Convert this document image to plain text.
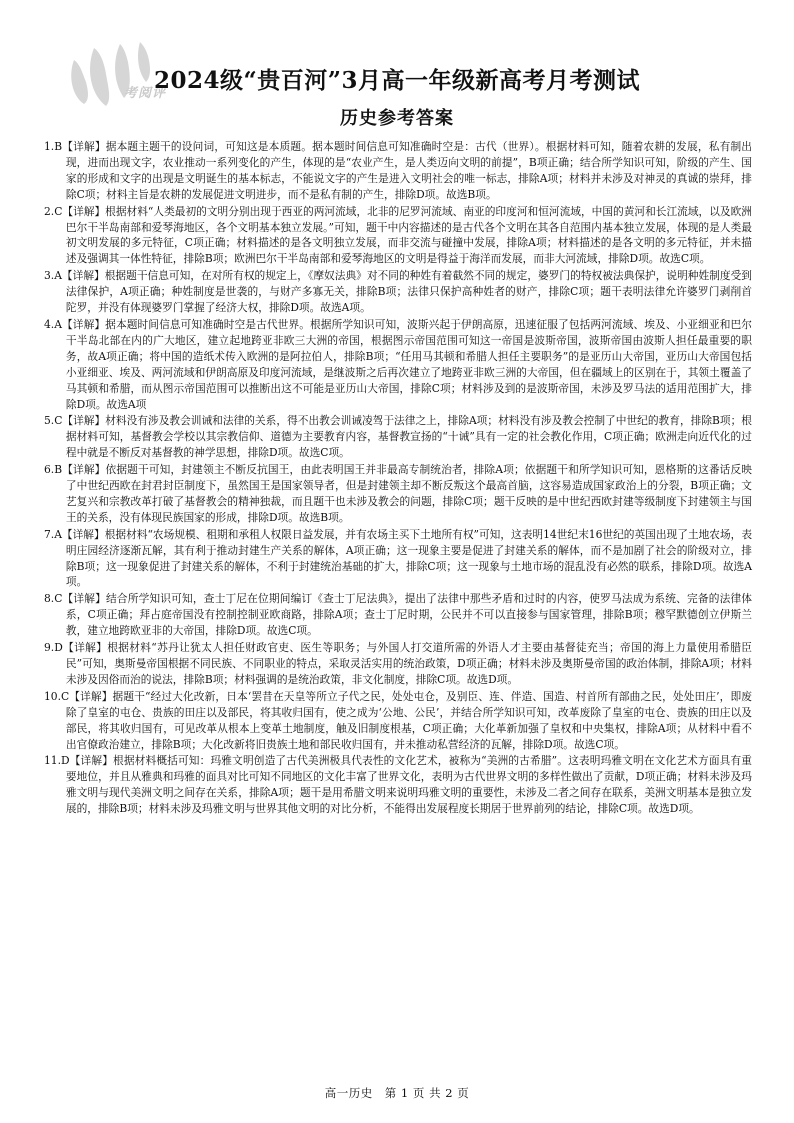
考阅评
2024级“贵百河”3月高一年级新高考月考测试
历史参考答案

1.B【详解】据本题主题干的设问词，可知这是本质题。据本题时间信息可知准确时空是：古代（世界）。根据材料可知，随着农耕的发展，私有制出现，进而出现文字，农业推动一系列变化的产生，体现的是“农业产生，是人类迈向文明的前提”，B项正确；结合所学知识可知，阶级的产生、国家的形成和文字的出现是文明诞生的基本标志，不能说文字的产生是进入文明社会的唯一标志，排除A项；材料并未涉及对神灵的真诚的崇拜，排除C项；材料主旨是农耕的发展促进文明进步，而不是私有制的产生，排除D项。故选B项。

2.C【详解】根据材料“人类最初的文明分别出现于西亚的两河流域，北非的尼罗河流域、南亚的印度河和恒河流域，中国的黄河和长江流域，以及欧洲巴尔干半岛南部和爱琴海地区，各个文明基本独立发展。”可知，题干中内容描述的是古代各个文明在其各自范围内基本独立发展，体现的是人类最初文明发展的多元特征，C项正确；材料描述的是各文明独立发展，而非交流与碰撞中发展，排除A项；材料描述的是各文明的多元特征，并未描述及强调其一体性特征，排除B项；欧洲巴尔干半岛南部和爱琴海地区的文明是得益于海洋而发展，而非大河流域，排除D项。故选C项。

3.A【详解】根据题干信息可知，在对所有权的规定上，《摩奴法典》对不同的种姓有着截然不同的规定，婆罗门的特权被法典保护，说明种姓制度受到法律保护，A项正确；种姓制度是世袭的，与财产多寡无关，排除B项；法律只保护高种姓者的财产，排除C项；题干表明法律允许婆罗门剥削首陀罗，并没有体现婆罗门掌握了经济大权，排除D项。故选A项。

4.A【详解】据本题时间信息可知准确时空是古代世界。根据所学知识可知，波斯兴起于伊朗高原，迅速征服了包括两河流域、埃及、小亚细亚和巴尔干半岛北部在内的广大地区，建立起地跨亚非欧三大洲的帝国，根据图示帝国范围可知这一帝国是波斯帝国，波斯帝国由波斯人担任最重要的职务，故A项正确；将中国的造纸术传入欧洲的是阿拉伯人，排除B项；“任用马其顿和希腊人担任主要职务”的是亚历山大帝国，亚历山大帝国包括小亚细亚、埃及、两河流域和伊朗高原及印度河流域，是继波斯之后再次建立了地跨亚非欧三洲的大帝国，但在疆域上的区别在于，其领土覆盖了马其顿和希腊，而从图示帝国范围可以推断出这不可能是亚历山大帝国，排除C项；材料涉及到的是波斯帝国，未涉及罗马法的适用范围扩大，排除D项。故选A项

5.C【详解】材料没有涉及教会训诫和法律的关系，得不出教会训诫凌驾于法律之上，排除A项；材料没有涉及教会控制了中世纪的教育，排除B项；根据材料可知，基督教会学校以其宗教信仰、道德为主要教育内容，基督教宣扬的“十诫”具有一定的社会教化作用，C项正确；欧洲走向近代化的过程中就是不断反对基督教的神学思想，排除D项。故选C项。

6.B【详解】依据题干可知，封建领主不断反抗国王，由此表明国王并非最高专制统治者，排除A项；依据题干和所学知识可知，恩格斯的这番话反映了中世纪西欧在封君封臣制度下，虽然国王是国家领导者，但是封建领主却不断反叛这个最高首脑，这容易造成国家政治上的分裂，B项正确；文艺复兴和宗教改革打破了基督教会的精神独裁，而且题干也未涉及教会的问题，排除C项；题干反映的是中世纪西欧封建等级制度下封建领主与国王的关系，没有体现民族国家的形成，排除D项。故选B项。

7.A【详解】根据材料“农场规模、租期和承租人权限日益发展，并有农场主买下土地所有权”可知，这表明14世纪末16世纪的英国出现了土地农场，表明庄园经济逐渐瓦解，其有利于推动封建生产关系的解体，A项正确；这一现象主要是促进了封建关系的解体，而不是加剧了社会的阶级对立，排除B项；这一现象促进了封建关系的解体，不利于封建统治基础的扩大，排除C项；这一现象与土地市场的混乱没有必然的联系，排除D项。故选A项。

8.C【详解】结合所学知识可知，查士丁尼在位期间编订《查士丁尼法典》，提出了法律中那些矛盾和过时的内容，使罗马法成为系统、完备的法律体系，C项正确；拜占庭帝国没有控制控制亚欧商路，排除A项；查士丁尼时期，公民并不可以直接参与国家管理，排除B项；穆罕默德创立伊斯兰教，建立地跨欧亚非的大帝国，排除D项。故选C项。

9.D【详解】根据材料“苏丹让犹太人担任财政官吏、医生等职务；与外国人打交道所需的外语人才主要由基督徒充当；帝国的海上力量使用希腊臣民”可知，奥斯曼帝国根据不同民族、不同职业的特点，采取灵活实用的统治政策，D项正确；材料未涉及奥斯曼帝国的政治体制，排除A项；材料未涉及因俗而治的说法，排除B项；材料强调的是统治政策，非文化制度，排除C项。故选D项。

10.C【详解】据题干“经过大化改新，日本‘罢昔在天皇等所立子代之民，处处屯仓，及别臣、连、伴造、国造、村首所有部曲之民，处处田庄’，即废除了皇室的屯仓、贵族的田庄以及部民，将其收归国有，使之成为‘公地、公民’，并结合所学知识可知，改革废除了皇室的屯仓、贵族的田庄以及部民，将其收归国有，可见改革从根本上变革土地制度，触及旧制度根基，C项正确；大化革新加强了皇权和中央集权，排除A项；从材料中看不出官僚政治建立，排除B项；大化改新将旧贵族土地和部民收归国有，并未推动私营经济的瓦解，排除D项。故选C项。

11.D【详解】根据材料概括可知：玛雅文明创造了古代美洲极具代表性的文化艺术，被称为“美洲的古希腊”。这表明玛雅文明在文化艺术方面具有重要地位，并且从雅典和玛雅的面具对比可知不同地区的文化丰富了世界文化，表明为古代世界文明的多样性做出了贡献，D项正确；材料未涉及玛雅文明与现代美洲文明之间存在关系，排除A项；题干是用希腊文明来说明玛雅文明的重要性，未涉及二者之间存在联系，美洲文明基本是独立发展的，排除B项；材料未涉及玛雅文明与世界其他文明的对比分析，不能得出发展程度长期居于世界前列的结论，排除C项。故选D项。

高一历史　第 1 页 共 2 页
